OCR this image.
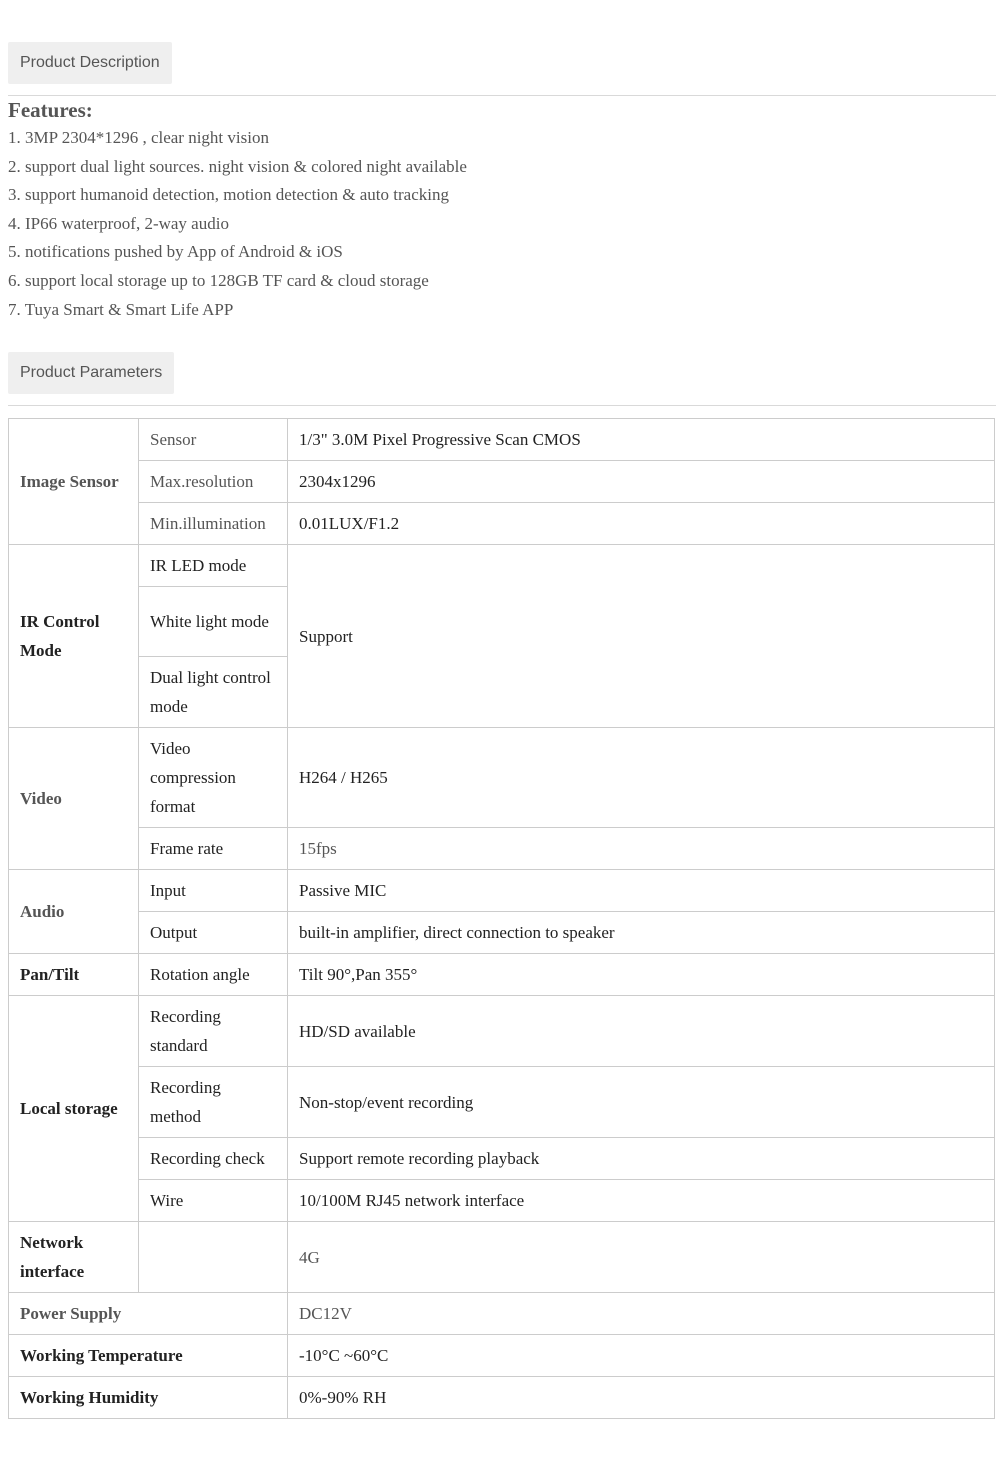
Product Description
Features:
1. 3MP 2304*1296 , clear night vision
2. support dual light sources. night vision & colored night available
3. support humanoid detection, motion detection & auto tracking
4. IP66 waterproof, 2-way audio
5. notifications pushed by App of Android & iOS
6. support local storage up to 128GB TF card & cloud storage
7. Tuya Smart & Smart Life APP
Product Parameters
Image Sensor	Sensor	1/3" 3.0M Pixel Progressive Scan CMOS
	Max.resolution	2304x1296
	Min.illumination	0.01LUX/F1.2
IR Control Mode	IR LED mode	Support
	White light mode	
	Dual light control mode	
Video	Video compression format	H264 / H265
	Frame rate	15fps
Audio	Input	Passive MIC
	Output	built-in amplifier, direct connection to speaker
Pan/Tilt	Rotation angle	Tilt 90°,Pan 355°
Local storage	Recording standard	HD/SD available
	Recording method	Non-stop/event recording
	Recording check	Support remote recording playback
	Wire	10/100M RJ45 network interface
Network interface		4G
Power Supply		DC12V
Working Temperature		-10°C ~60°C
Working Humidity		0%-90% RH
